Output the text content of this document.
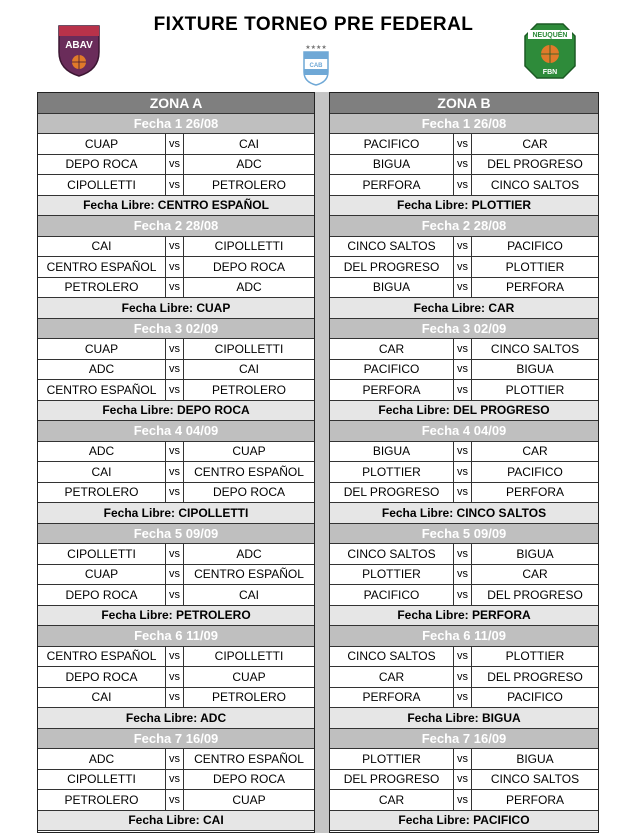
ABAV
FIXTURE TORNEO PRE FEDERAL
★★★★
CAB
NEUQUÉN
FBN
ZONA A
Fecha 1 26/08
CUAP	vs	CAI
DEPO ROCA	vs	ADC
CIPOLLETTI	vs	PETROLERO
Fecha Libre: CENTRO ESPAÑOL
Fecha 2 28/08
CAI	vs	CIPOLLETTI
CENTRO ESPAÑOL	vs	DEPO ROCA
PETROLERO	vs	ADC
Fecha Libre: CUAP
Fecha 3 02/09
CUAP	vs	CIPOLLETTI
ADC	vs	CAI
CENTRO ESPAÑOL	vs	PETROLERO
Fecha Libre: DEPO ROCA
Fecha 4 04/09
ADC	vs	CUAP
CAI	vs	CENTRO ESPAÑOL
PETROLERO	vs	DEPO ROCA
Fecha Libre: CIPOLLETTI
Fecha 5 09/09
CIPOLLETTI	vs	ADC
CUAP	vs	CENTRO ESPAÑOL
DEPO ROCA	vs	CAI
Fecha Libre: PETROLERO
Fecha 6 11/09
CENTRO ESPAÑOL	vs	CIPOLLETTI
DEPO ROCA	vs	CUAP
CAI	vs	PETROLERO
Fecha Libre: ADC
Fecha 7 16/09
ADC	vs	CENTRO ESPAÑOL
CIPOLLETTI	vs	DEPO ROCA
PETROLERO	vs	CUAP
Fecha Libre: CAI
ZONA B
Fecha 1 26/08
PACIFICO	vs	CAR
BIGUA	vs	DEL PROGRESO
PERFORA	vs	CINCO SALTOS
Fecha Libre: PLOTTIER
Fecha 2 28/08
CINCO SALTOS	vs	PACIFICO
DEL PROGRESO	vs	PLOTTIER
BIGUA	vs	PERFORA
Fecha Libre: CAR
Fecha 3 02/09
CAR	vs	CINCO SALTOS
PACIFICO	vs	BIGUA
PERFORA	vs	PLOTTIER
Fecha Libre: DEL PROGRESO
Fecha 4 04/09
BIGUA	vs	CAR
PLOTTIER	vs	PACIFICO
DEL PROGRESO	vs	PERFORA
Fecha Libre: CINCO SALTOS
Fecha 5 09/09
CINCO SALTOS	vs	BIGUA
PLOTTIER	vs	CAR
PACIFICO	vs	DEL PROGRESO
Fecha Libre: PERFORA
Fecha 6 11/09
CINCO SALTOS	vs	PLOTTIER
CAR	vs	DEL PROGRESO
PERFORA	vs	PACIFICO
Fecha Libre: BIGUA
Fecha 7 16/09
PLOTTIER	vs	BIGUA
DEL PROGRESO	vs	CINCO SALTOS
CAR	vs	PERFORA
Fecha Libre: PACIFICO
